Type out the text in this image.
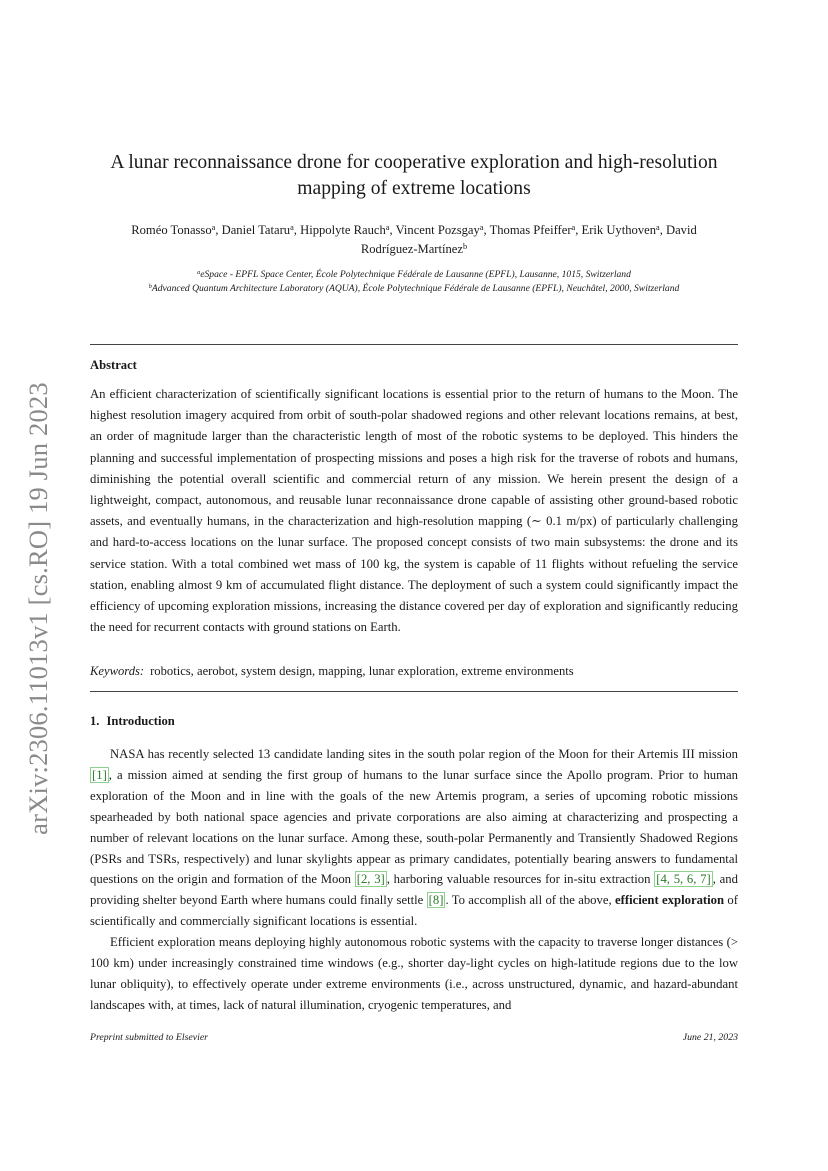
arXiv:2306.11013v1 [cs.RO] 19 Jun 2023
A lunar reconnaissance drone for cooperative exploration and high-resolution mapping of extreme locations
Roméo Tonasso$^a$, Daniel Tataru$^a$, Hippolyte Rauch$^a$, Vincent Pozsgay$^a$, Thomas Pfeiffer$^a$, Erik Uythoven$^a$, David
Rodríguez-Martínez$^b$
$^a$eSpace - EPFL Space Center, École Polytechnique Fédérale de Lausanne (EPFL), Lausanne, 1015, Switzerland
$^b$Advanced Quantum Architecture Laboratory (AQUA), École Polytechnique Fédérale de Lausanne (EPFL), Neuchâtel, 2000, Switzerland
Abstract
An efficient characterization of scientifically significant locations is essential prior to the return of humans to the Moon. The highest resolution imagery acquired from orbit of south-polar shadowed regions and other relevant locations remains, at best, an order of magnitude larger than the characteristic length of most of the robotic systems to be deployed. This hinders the planning and successful implementation of prospecting missions and poses a high risk for the traverse of robots and humans, diminishing the potential overall scientific and commercial return of any mission. We herein present the design of a lightweight, compact, autonomous, and reusable lunar reconnaissance drone capable of assisting other ground-based robotic assets, and eventually humans, in the characterization and high-resolution mapping (∼ 0.1 m/px) of particularly challenging and hard-to-access locations on the lunar surface. The proposed concept consists of two main subsystems: the drone and its service station. With a total combined wet mass of 100 kg, the system is capable of 11 flights without refueling the service station, enabling almost 9 km of accumulated flight distance. The deployment of such a system could significantly impact the efficiency of upcoming exploration missions, increasing the distance covered per day of exploration and significantly reducing the need for recurrent contacts with ground stations on Earth.
Keywords: robotics, aerobot, system design, mapping, lunar exploration, extreme environments
1. Introduction

NASA has recently selected 13 candidate landing sites in the south polar region of the Moon for their Artemis III mission [1] , a mission aimed at sending the first group of humans to the lunar surface since the Apollo program. Prior to human exploration of the Moon and in line with the goals of the new Artemis program, a series of upcoming robotic missions spearheaded by both national space agencies and private corporations are also aiming at characterizing and prospecting a number of relevant locations on the lunar surface. Among these, south-polar Permanently and Transiently Shadowed Regions (PSRs and TSRs, respectively) and lunar skylights appear as primary candidates, potentially bearing answers to fundamental questions on the origin and formation of the Moon [2, 3] , harboring valuable resources for in-situ extraction [4, 5, 6, 7] , and providing shelter beyond Earth where humans could finally settle [8] . To accomplish all of the above, efficient exploration of scientifically and commercially significant locations is essential.

Efficient exploration means deploying highly autonomous robotic systems with the capacity to traverse longer distances (> 100 km) under increasingly constrained time windows (e.g., shorter day-light cycles on high-latitude regions due to the low lunar obliquity), to effectively operate under extreme environments (i.e., across unstructured, dynamic, and hazard-abundant landscapes with, at times, lack of natural illumination, cryogenic temperatures, and

Preprint submitted to Elsevier	June 21, 2023
